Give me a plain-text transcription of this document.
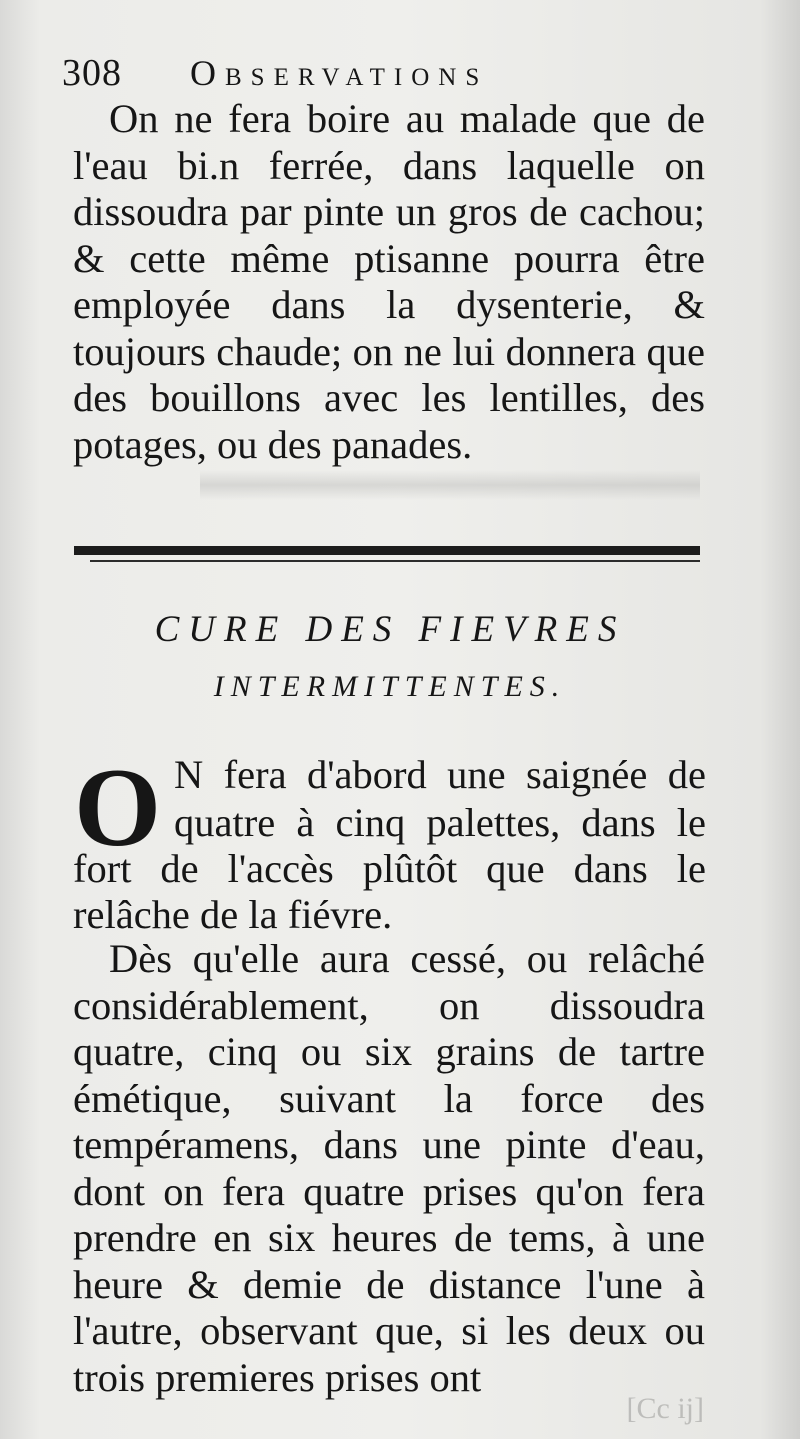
308 Observations
On ne fera boire au malade que de l'eau bi.n ferrée, dans laquelle on dissoudra par pinte un gros de cachou; & cette même ptisanne pourra être employée dans la dysenterie, & toujours chaude; on ne lui donnera que des bouillons avec les lentilles, des potages, ou des panades.
CURE DES FIEVRES
INTERMITTENTES.
O N fera d'abord une saignée de
quatre à cinq palettes, dans le
fort de l'accès plûtôt que dans le
relâche de la fiévre.
Dès qu'elle aura cessé, ou relâché considérablement, on dissoudra quatre, cinq ou six grains de tartre émétique, suivant la force des tempéramens, dans une pinte d'eau, dont on fera quatre prises qu'on fera prendre en six heures de tems, à une heure & demie de distance l'une à l'autre, observant que, si les deux ou trois premieres prises ont
[Cc ij]
